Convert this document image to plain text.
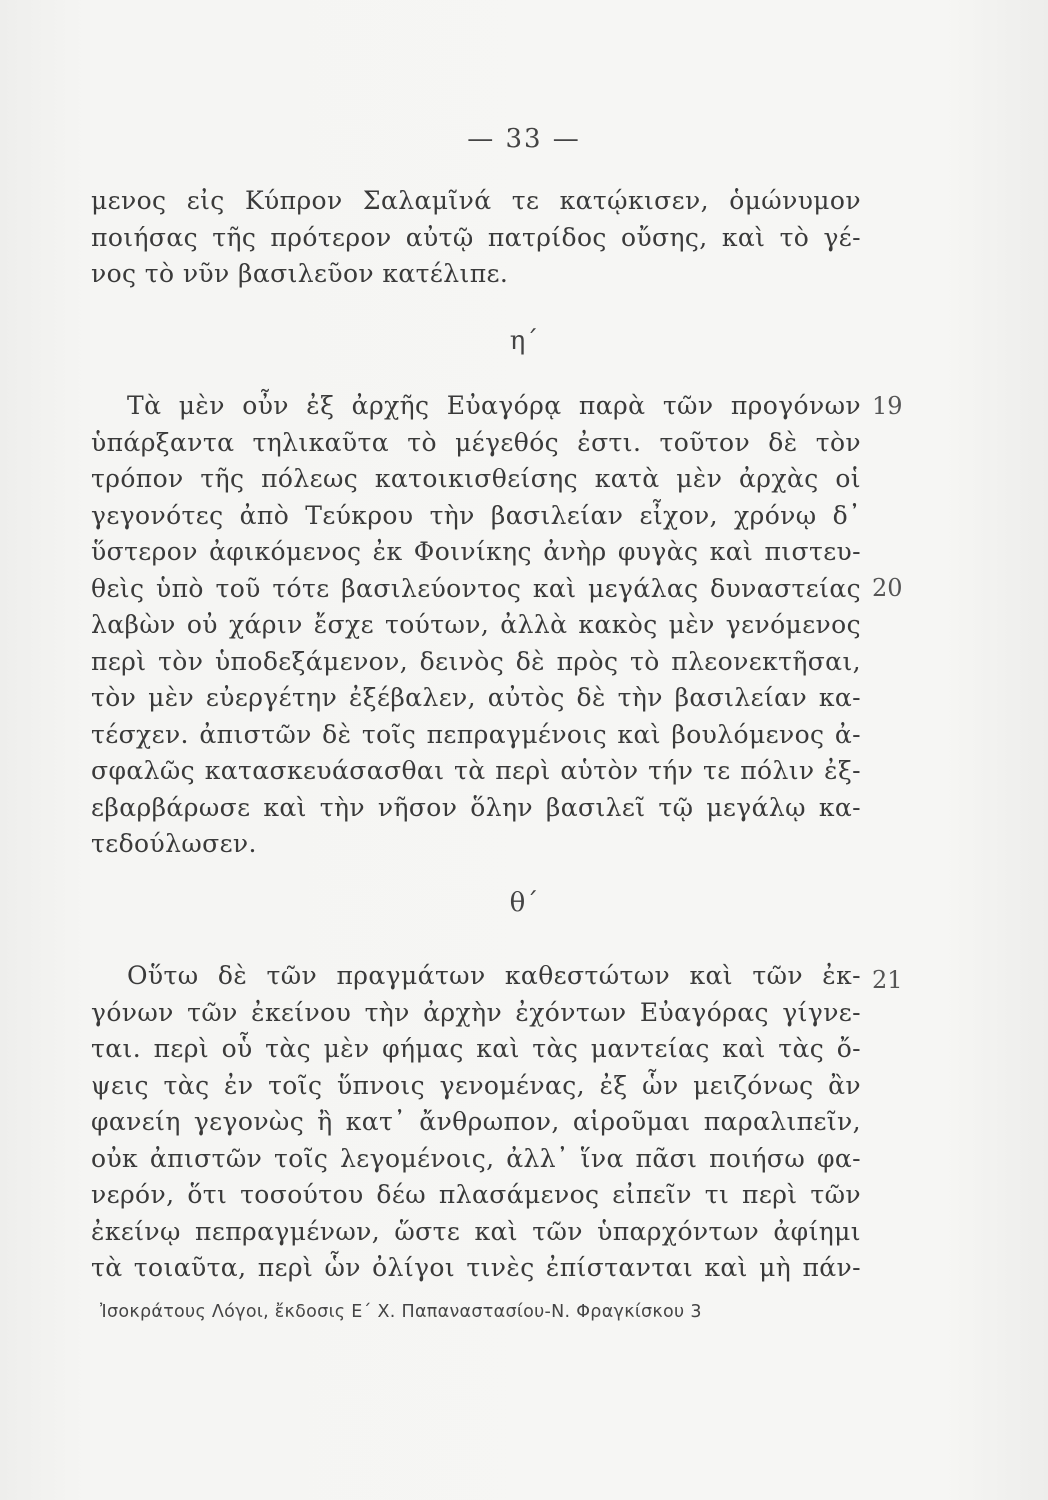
— 33 —
μενος εἰς Κύπρον Σαλαμῖνά τε κατῴκισεν, ὁμώνυμον
ποιήσας τῆς πρότερον αὐτῷ πατρίδος οὔσης, καὶ τὸ γέ-
νος τὸ νῦν βασιλεῦον κατέλιπε.
η΄
Τὰ μὲν οὖν ἐξ ἀρχῆς Εὐαγόρᾳ παρὰ τῶν προγόνων
ὑπάρξαντα τηλικαῦτα τὸ μέγεθός ἐστι. τοῦτον δὲ τὸν
τρόπον τῆς πόλεως κατοικισθείσης κατὰ μὲν ἀρχὰς οἱ
γεγονότες ἀπὸ Τεύκρου τὴν βασιλείαν εἶχον, χρόνῳ δ᾿
ὕστερον ἀφικόμενος ἐκ Φοινίκης ἀνὴρ φυγὰς καὶ πιστευ-
θεὶς ὑπὸ τοῦ τότε βασιλεύοντος καὶ μεγάλας δυναστείας
λαβὼν οὐ χάριν ἔσχε τούτων, ἀλλὰ κακὸς μὲν γενόμενος
περὶ τὸν ὑποδεξάμενον, δεινὸς δὲ πρὸς τὸ πλεονεκτῆσαι,
τὸν μὲν εὐεργέτην ἐξέβαλεν, αὐτὸς δὲ τὴν βασιλείαν κα-
τέσχεν. ἀπιστῶν δὲ τοῖς πεπραγμένοις καὶ βουλόμενος ἀ-
σφαλῶς κατασκευάσασθαι τὰ περὶ αὑτὸν τήν τε πόλιν ἐξ-
εβαρβάρωσε καὶ τὴν νῆσον ὅλην βασιλεῖ τῷ μεγάλῳ κα-
τεδούλωσεν.
19
20
θ΄
Οὕτω δὲ τῶν πραγμάτων καθεστώτων καὶ τῶν ἐκ-
γόνων τῶν ἐκείνου τὴν ἀρχὴν ἐχόντων Εὐαγόρας γίγνε-
ται. περὶ οὗ τὰς μὲν φήμας καὶ τὰς μαντείας καὶ τὰς ὄ-
ψεις τὰς ἐν τοῖς ὕπνοις γενομένας, ἐξ ὧν μειζόνως ἂν
φανείη γεγονὼς ἢ κατ᾿ ἄνθρωπον, αἱροῦμαι παραλιπεῖν,
οὐκ ἀπιστῶν τοῖς λεγομένοις, ἀλλ᾿ ἵνα πᾶσι ποιήσω φα-
νερόν, ὅτι τοσούτου δέω πλασάμενος εἰπεῖν τι περὶ τῶν
ἐκείνῳ πεπραγμένων, ὥστε καὶ τῶν ὑπαρχόντων ἀφίημι
τὰ τοιαῦτα, περὶ ὧν ὀλίγοι τινὲς ἐπίστανται καὶ μὴ πάν-
21
Ἰσοκράτους Λόγοι, ἔκδοσις Ε΄ Χ. Παπαναστασίου-Ν. Φραγκίσκου 3
